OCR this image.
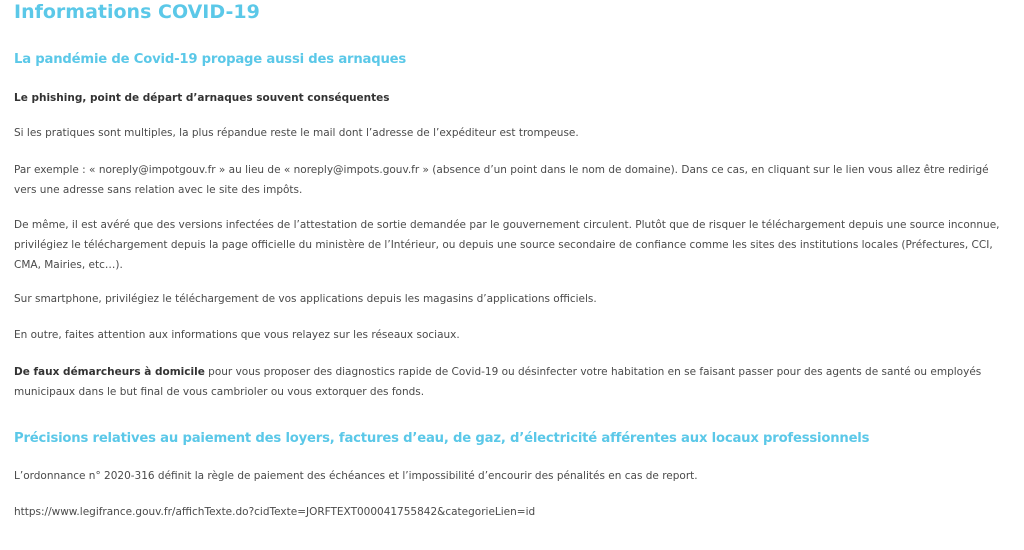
Informations COVID-19
La pandémie de Covid-19 propage aussi des arnaques

Le phishing, point de départ d’arnaques souvent conséquentes

Si les pratiques sont multiples, la plus répandue reste le mail dont l’adresse de l’expéditeur est trompeuse.

Par exemple : « noreply@impotgouv.fr » au lieu de « noreply@impots.gouv.fr » (absence d’un point dans le nom de domaine). Dans ce cas, en cliquant sur le lien vous allez être redirigé vers une adresse sans relation avec le site des impôts.

De même, il est avéré que des versions infectées de l’attestation de sortie demandée par le gouvernement circulent. Plutôt que de risquer le téléchargement depuis une source inconnue, privilégiez le téléchargement depuis la page officielle du ministère de l’Intérieur, ou depuis une source secondaire de confiance comme les sites des institutions locales (Préfectures, CCI, CMA, Mairies, etc…).

Sur smartphone, privilégiez le téléchargement de vos applications depuis les magasins d’applications officiels.

En outre, faites attention aux informations que vous relayez sur les réseaux sociaux.

De faux démarcheurs à domicile pour vous proposer des diagnostics rapide de Covid-19 ou désinfecter votre habitation en se faisant passer pour des agents de santé ou employés municipaux dans le but final de vous cambrioler ou vous extorquer des fonds.

Précisions relatives au paiement des loyers, factures d’eau, de gaz, d’électricité afférentes aux locaux professionnels

L’ordonnance n° 2020-316 définit la règle de paiement des échéances et l’impossibilité d’encourir des pénalités en cas de report.

https://www.legifrance.gouv.fr/affichTexte.do?cidTexte=JORFTEXT000041755842&categorieLien=id
